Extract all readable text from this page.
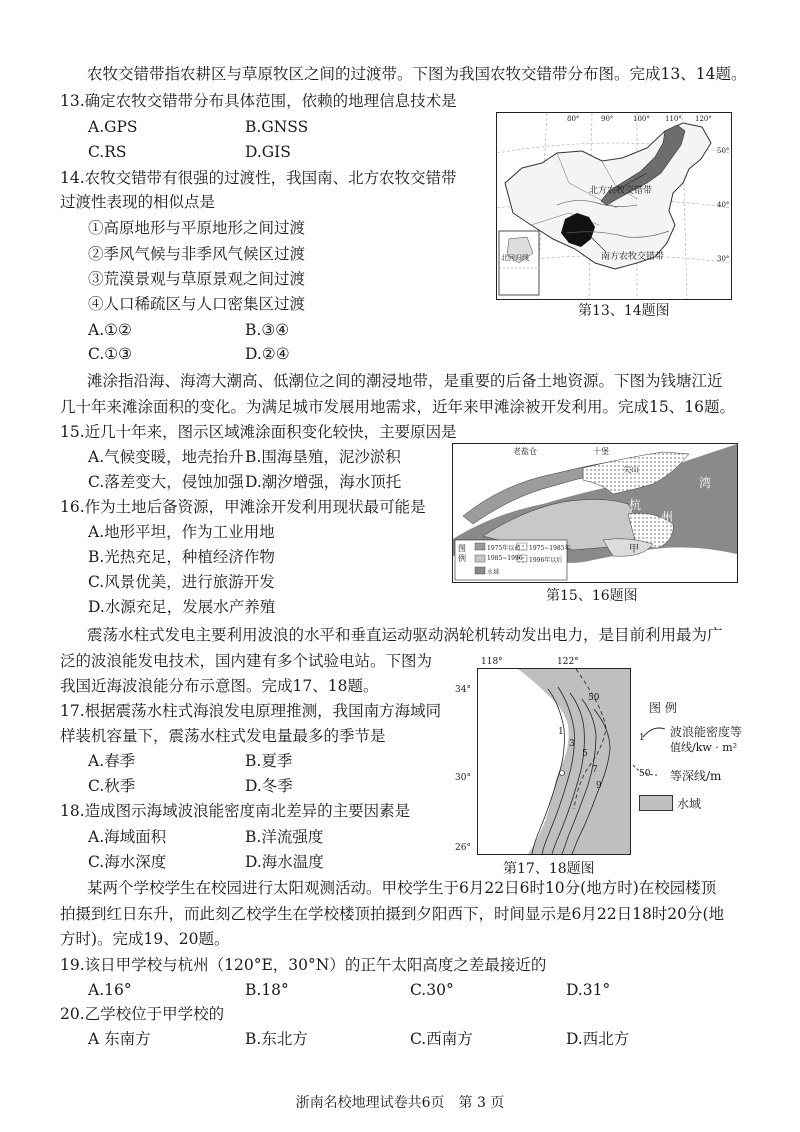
农牧交错带指农耕区与草原牧区之间的过渡带。下图为我国农牧交错带分布图。完成13、14题。
13.确定农牧交错带分布具体范围，依赖的地理信息技术是
A.GPS	B.GNSS
C.RS	D.GIS
14.农牧交错带有很强的过渡性，我国南、北方农牧交错带
过渡性表现的相似点是
①高原地形与平原地形之间过渡
②季风气候与非季风气候区过渡
③荒漠景观与草原景观之间过渡
④人口稀疏区与人口密集区过渡
A.①②	B.③④
C.①③	D.②④
北方农牧交错带
南方农牧交错带
北回归线
80°	90°	100° 110° 120°
50°
40°
30°
第13、14题图
滩涂指沿海、海湾大潮高、低潮位之间的潮浸地带，是重要的后备土地资源。下图为钱塘江近
几十年来滩涂面积的变化。为满足城市发展用地需求，近年来甲滩涂被开发利用。完成15、16题。
15.近几十年来，图示区域滩涂面积变化较快，主要原因是
A.气候变暖，地壳抬升 B.围海垦殖，泥沙淤积
C.落差变大，侵蚀加强 D.潮汐增强，海水顶托
16.作为土地后备资源，甲滩涂开发利用现状最可能是
A.地形平坦，作为工业用地
B.光热充足，种植经济作物
C.风景优美，进行旅游开发
D.水源充足，发展水产养殖
老盐仓	十堡
尖山
杭
州
湾
甲
图例
1975年以前 1975~1985年
1985~1996 1996年以后
水域
第15、16题图
震荡水柱式发电主要利用波浪的水平和垂直运动驱动涡轮机转动发出电力，是目前利用最为广
泛的波浪能发电技术，国内建有多个试验电站。下图为
我国近海波浪能分布示意图。完成17、18题。
17.根据震荡水柱式海浪发电原理推测，我国南方海域同
样装机容量下，震荡水柱式发电量最多的季节是
A.春季	B.夏季
C.秋季	D.冬季
18.造成图示海域波浪能密度南北差异的主要因素是
A.海域面积	B.洋流强度
C.海水深度	D.海水温度
118°	122°
34°
30°
26°
1
3
5
7
9
50
图 例
1 波浪能密度等
值线/kw · m²
50 等深线/m
水域
第17、18题图
某两个学校学生在校园进行太阳观测活动。甲校学生于6月22日6时10分(地方时)在校园楼顶
拍摄到红日东升，而此刻乙校学生在学校楼顶拍摄到夕阳西下，时间显示是6月22日18时20分(地
方时)。完成19、20题。
19.该日甲学校与杭州（120°E，30°N）的正午太阳高度之差最接近的
A.16°	B.18°	C.30°	D.31°
20.乙学校位于甲学校的
A 东南方	B.东北方	C.西南方	D.西北方
浙南名校地理试卷共6页　第 3 页
